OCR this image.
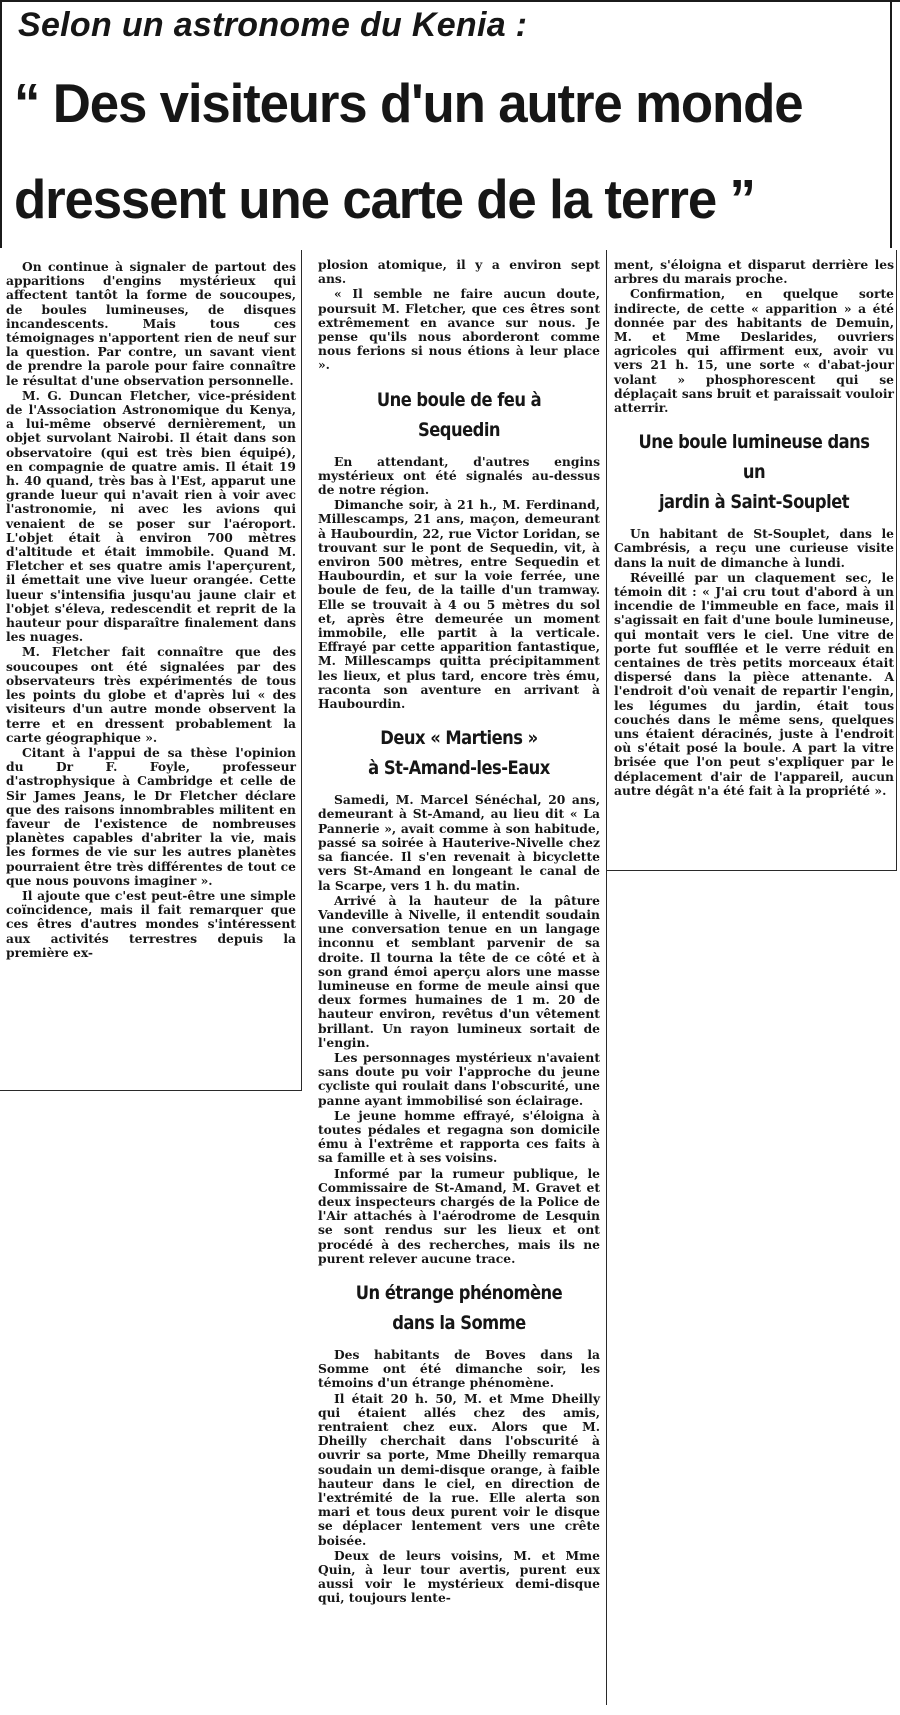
Selon un astronome du Kenia :
“ Des visiteurs d'un autre monde
dressent une carte de la terre ”

On continue à signaler de partout des apparitions d'engins mystérieux qui affectent tantôt la forme de soucoupes, de boules lumineuses, de disques incandescents. Mais tous ces témoignages n'apportent rien de neuf sur la question. Par contre, un savant vient de prendre la parole pour faire connaître le résultat d'une observation personnelle.

M. G. Duncan Fletcher, vice-président de l'Association Astronomique du Kenya, a lui-même observé dernièrement, un objet survolant Nairobi. Il était dans son observatoire (qui est très bien équipé), en compagnie de quatre amis. Il était 19 h. 40 quand, très bas à l'Est, apparut une grande lueur qui n'avait rien à voir avec l'astronomie, ni avec les avions qui venaient de se poser sur l'aéroport. L'objet était à environ 700 mètres d'altitude et était immobile. Quand M. Fletcher et ses quatre amis l'aperçurent, il émettait une vive lueur orangée. Cette lueur s'intensifia jusqu'au jaune clair et l'objet s'éleva, redescendit et reprit de la hauteur pour disparaître finalement dans les nuages.

M. Fletcher fait connaître que des soucoupes ont été signalées par des observateurs très expérimentés de tous les points du globe et d'après lui « des visiteurs d'un autre monde observent la terre et en dressent probablement la carte géographique ».

Citant à l'appui de sa thèse l'opinion du Dr F. Foyle, professeur d'astrophysique à Cambridge et celle de Sir James Jeans, le Dr Fletcher déclare que des raisons innombrables militent en faveur de l'existence de nombreuses planètes capables d'abriter la vie, mais les formes de vie sur les autres planètes pourraient être très différentes de tout ce que nous pouvons imaginer ».

Il ajoute que c'est peut-être une simple coïncidence, mais il fait remarquer que ces êtres d'autres mondes s'intéressent aux activités terrestres depuis la première ex-

plosion atomique, il y a environ sept ans.

« Il semble ne faire aucun doute, poursuit M. Fletcher, que ces êtres sont extrêmement en avance sur nous. Je pense qu'ils nous aborderont comme nous ferions si nous étions à leur place ».

Une boule de feu à Sequedin

En attendant, d'autres engins mystérieux ont été signalés au-dessus de notre région.

Dimanche soir, à 21 h., M. Ferdinand, Millescamps, 21 ans, maçon, demeurant à Haubourdin, 22, rue Victor Loridan, se trouvant sur le pont de Sequedin, vit, à environ 500 mètres, entre Sequedin et Haubourdin, et sur la voie ferrée, une boule de feu, de la taille d'un tramway. Elle se trouvait à 4 ou 5 mètres du sol et, après être demeurée un moment immobile, elle partit à la verticale. Effrayé par cette apparition fantastique, M. Millescamps quitta précipitamment les lieux, et plus tard, encore très ému, raconta son aventure en arrivant à Haubourdin.

Deux « Martiens »
à St-Amand-les-Eaux

Samedi, M. Marcel Sénéchal, 20 ans, demeurant à St-Amand, au lieu dit « La Pannerie », avait comme à son habitude, passé sa soirée à Hauterive-Nivelle chez sa fiancée. Il s'en revenait à bicyclette vers St-Amand en longeant le canal de la Scarpe, vers 1 h. du matin.

Arrivé à la hauteur de la pâture Vandeville à Nivelle, il entendit soudain une conversation tenue en un langage inconnu et semblant parvenir de sa droite. Il tourna la tête de ce côté et à son grand émoi aperçu alors une masse lumineuse en forme de meule ainsi que deux formes humaines de 1 m. 20 de hauteur environ, revêtus d'un vêtement brillant. Un rayon lumineux sortait de l'engin.

Les personnages mystérieux n'avaient sans doute pu voir l'approche du jeune cycliste qui roulait dans l'obscurité, une panne ayant immobilisé son éclairage.

Le jeune homme effrayé, s'éloigna à toutes pédales et regagna son domicile ému à l'extrême et rapporta ces faits à sa famille et à ses voisins.

Informé par la rumeur publique, le Commissaire de St-Amand, M. Gravet et deux inspecteurs chargés de la Police de l'Air attachés à l'aérodrome de Lesquin se sont rendus sur les lieux et ont procédé à des recherches, mais ils ne purent relever aucune trace.

Un étrange phénomène
dans la Somme

Des habitants de Boves dans la Somme ont été dimanche soir, les témoins d'un étrange phénomène.

Il était 20 h. 50, M. et Mme Dheilly qui étaient allés chez des amis, rentraient chez eux. Alors que M. Dheilly cherchait dans l'obscurité à ouvrir sa porte, Mme Dheilly remarqua soudain un demi-disque orange, à faible hauteur dans le ciel, en direction de l'extrémité de la rue. Elle alerta son mari et tous deux purent voir le disque se déplacer lentement vers une crête boisée.

Deux de leurs voisins, M. et Mme Quin, à leur tour avertis, purent eux aussi voir le mystérieux demi-disque qui, toujours lente-

ment, s'éloigna et disparut derrière les arbres du marais proche.

Confirmation, en quelque sorte indirecte, de cette « apparition » a été donnée par des habitants de Demuin, M. et Mme Deslarides, ouvriers agricoles qui affirment eux, avoir vu vers 21 h. 15, une sorte « d'abat-jour volant » phosphorescent qui se déplaçait sans bruit et paraissait vouloir atterrir.

Une boule lumineuse dans un
jardin à Saint-Souplet

Un habitant de St-Souplet, dans le Cambrésis, a reçu une curieuse visite dans la nuit de dimanche à lundi.

Réveillé par un claquement sec, le témoin dit : « J'ai cru tout d'abord à un incendie de l'immeuble en face, mais il s'agissait en fait d'une boule lumineuse, qui montait vers le ciel. Une vitre de porte fut soufflée et le verre réduit en centaines de très petits morceaux était dispersé dans la pièce attenante. A l'endroit d'où venait de repartir l'engin, les légumes du jardin, était tous couchés dans le même sens, quelques uns étaient déracinés, juste à l'endroit où s'était posé la boule. A part la vitre brisée que l'on peut s'expliquer par le déplacement d'air de l'appareil, aucun autre dégât n'a été fait à la propriété ».
